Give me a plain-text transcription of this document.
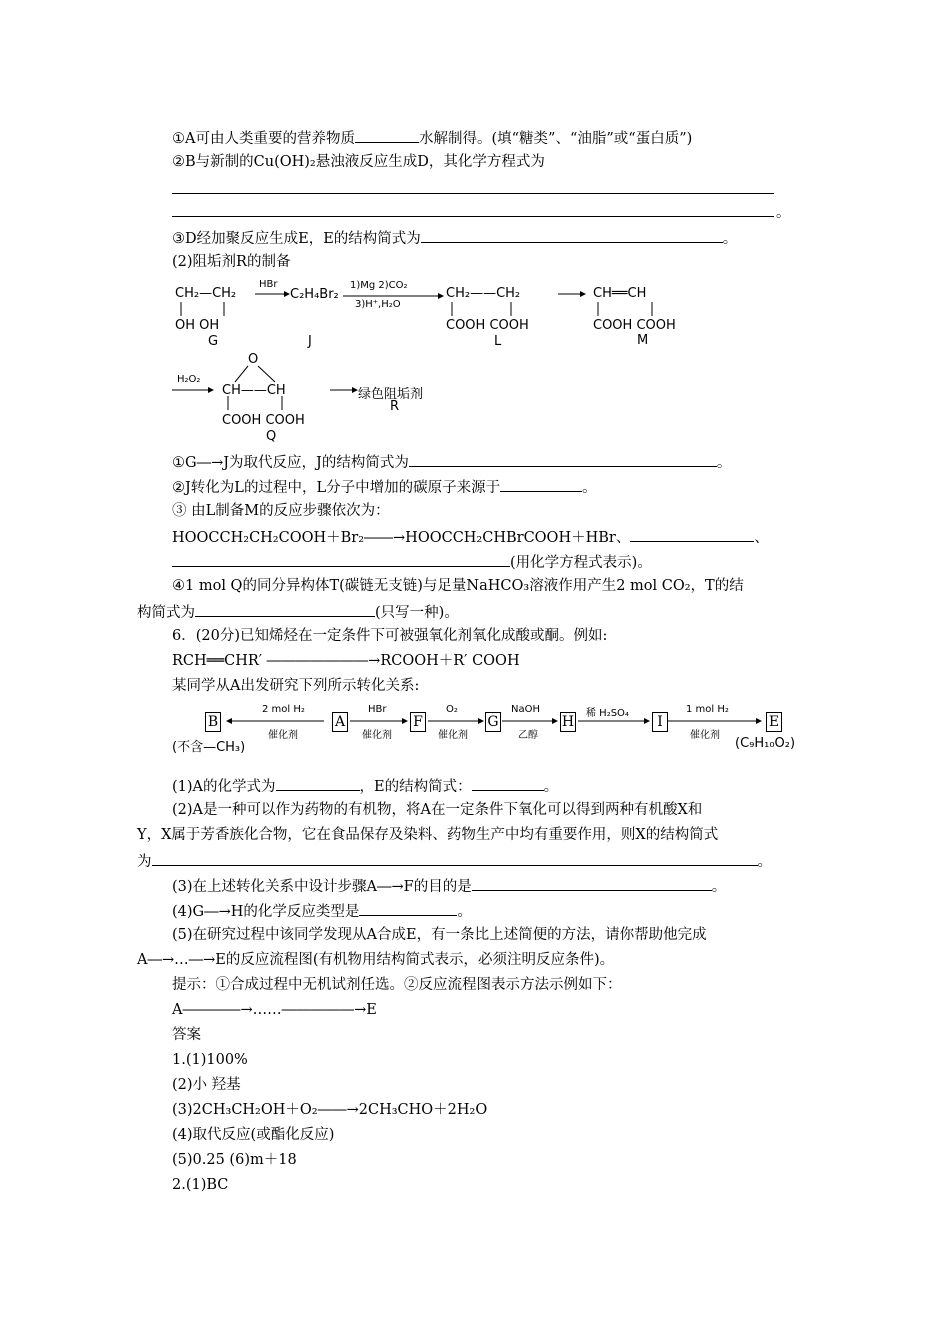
①A可由人类重要的营养物质	水解制得。(填“糖类”、“油脂”或“蛋白质”)
②B与新制的Cu(OH)₂悬浊液反应生成D，其化学方程式为
。
③D经加聚反应生成E，E的结构简式为	。
(2)阻垢剂R的制备
CH₂—CH₂
OH OH
G
HBr
C₂H₄Br₂
J
1)Mg 2)CO₂
3)H⁺,H₂O
CH₂——CH₂
COOH COOH
L
CH══CH
COOH COOH
M
H₂O₂
O
CH——CH
COOH COOH
Q
绿色阻垢剂
R
①G―→J为取代反应，J的结构简式为	。
②J转化为L的过程中，L分子中增加的碳原子来源于	。
③ 由L制备M的反应步骤依次为：
HOOCCH₂CH₂COOH＋Br₂――→HOOCCH₂CHBrCOOH＋HBr、	、
(用化学方程式表示)。
④1 mol Q的同分异构体T(碳链无支链)与足量NaHCO₃溶液作用产生2 mol CO₂，T的结
构简式为	(只写一种)。
6．(20分)已知烯烃在一定条件下可被强氧化剂氧化成酸或酮。例如:
RCH══CHR′ ―――――――→RCOOH＋R′ COOH
某同学从A出发研究下列所示转化关系:
B
(不含—CH₃)
2 mol H₂
催化剂
A
HBr
催化剂
F
O₂
催化剂
G
NaOH
乙醇
H
稀 H₂SO₄
I
1 mol H₂
催化剂
E
(C₉H₁₀O₂)
(1)A的化学式为	，E的结构简式：	。
(2)A是一种可以作为药物的有机物，将A在一定条件下氧化可以得到两种有机酸X和
Y，X属于芳香族化合物，它在食品保存及染料、药物生产中均有重要作用，则X的结构简式
为	。
(3)在上述转化关系中设计步骤A―→F的目的是	。
(4)G―→H的化学反应类型是	。
(5)在研究过程中该同学发现从A合成E，有一条比上述简便的方法，请你帮助他完成
A―→…―→E的反应流程图(有机物用结构简式表示，必须注明反应条件)。
提示：①合成过程中无机试剂任选。②反应流程图表示方法示例如下：
A――――→……―――――→E
答案
1.(1)100%
(2)小 羟基
(3)2CH₃CH₂OH＋O₂――→2CH₃CHO＋2H₂O
(4)取代反应(或酯化反应)
(5)0.25 (6)m＋18
2.(1)BC
